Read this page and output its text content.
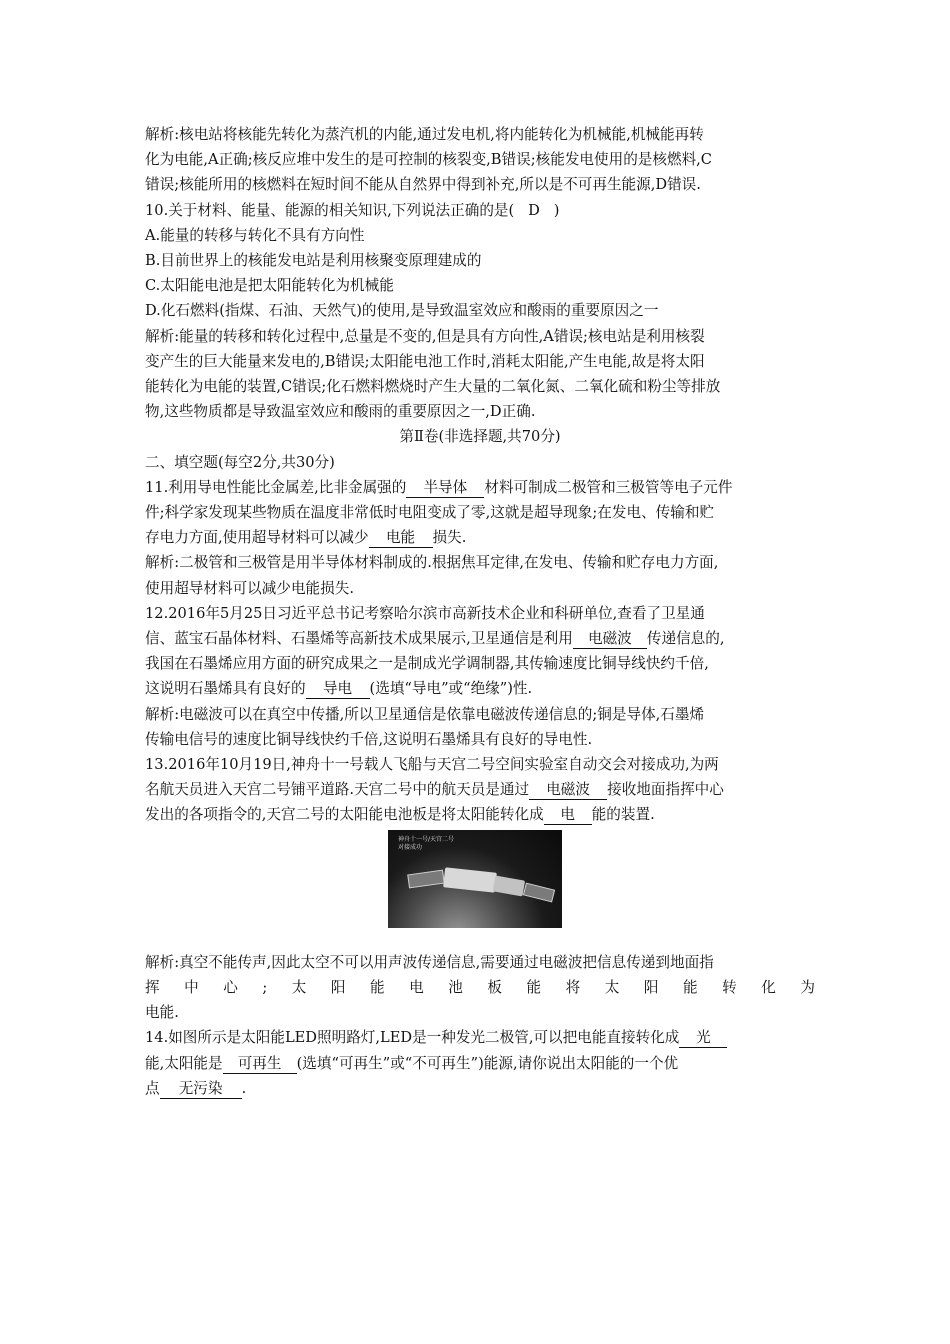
解析:核电站将核能先转化为蒸汽机的内能,通过发电机,将内能转化为机械能,机械能再转
化为电能,A正确;核反应堆中发生的是可控制的核裂变,B错误;核能发电使用的是核燃料,C
错误;核能所用的核燃料在短时间不能从自然界中得到补充,所以是不可再生能源,D错误.
10.关于材料、能量、能源的相关知识,下列说法正确的是( D )
A.能量的转移与转化不具有方向性
B.目前世界上的核能发电站是利用核聚变原理建成的
C.太阳能电池是把太阳能转化为机械能
D.化石燃料(指煤、石油、天然气)的使用,是导致温室效应和酸雨的重要原因之一
解析:能量的转移和转化过程中,总量是不变的,但是具有方向性,A错误;核电站是利用核裂
变产生的巨大能量来发电的,B错误;太阳能电池工作时,消耗太阳能,产生电能,故是将太阳
能转化为电能的装置,C错误;化石燃料燃烧时产生大量的二氧化氮、二氧化硫和粉尘等排放
物,这些物质都是导致温室效应和酸雨的重要原因之一,D正确.
第Ⅱ卷(非选择题,共70分)
二、填空题(每空2分,共30分)
11.利用导电性能比金属差,比非金属强的 半导体 材料可制成二极管和三极管等电子元件
件;科学家发现某些物质在温度非常低时电阻变成了零,这就是超导现象;在发电、传输和贮
存电力方面,使用超导材料可以减少 电能 损失.
解析:二极管和三极管是用半导体材料制成的.根据焦耳定律,在发电、传输和贮存电力方面,
使用超导材料可以减少电能损失.
12.2016年5月25日习近平总书记考察哈尔滨市高新技术企业和科研单位,查看了卫星通
信、蓝宝石晶体材料、石墨烯等高新技术成果展示,卫星通信是利用 电磁波 传递信息的,
我国在石墨烯应用方面的研究成果之一是制成光学调制器,其传输速度比铜导线快约千倍,
这说明石墨烯具有良好的 导电 (选填“导电”或“绝缘”)性.
解析:电磁波可以在真空中传播,所以卫星通信是依靠电磁波传递信息的;铜是导体,石墨烯
传输电信号的速度比铜导线快约千倍,这说明石墨烯具有良好的导电性.
13.2016年10月19日,神舟十一号载人飞船与天宫二号空间实验室自动交会对接成功,为两
名航天员进入天宫二号铺平道路.天宫二号中的航天员是通过 电磁波 接收地面指挥中心
发出的各项指令的,天宫二号的太阳能电池板是将太阳能转化成 电 能的装置.
神舟十一号/天宫二号
对接成功
解析:真空不能传声,因此太空不可以用声波传递信息,需要通过电磁波把信息传递到地面指
挥中心;太阳能电池板能将太阳能转化为
电能.
14.如图所示是太阳能LED照明路灯,LED是一种发光二极管,可以把电能直接转化成 光
能,太阳能是 可再生 (选填“可再生”或“不可再生”)能源,请你说出太阳能的一个优
点 无污染 .
